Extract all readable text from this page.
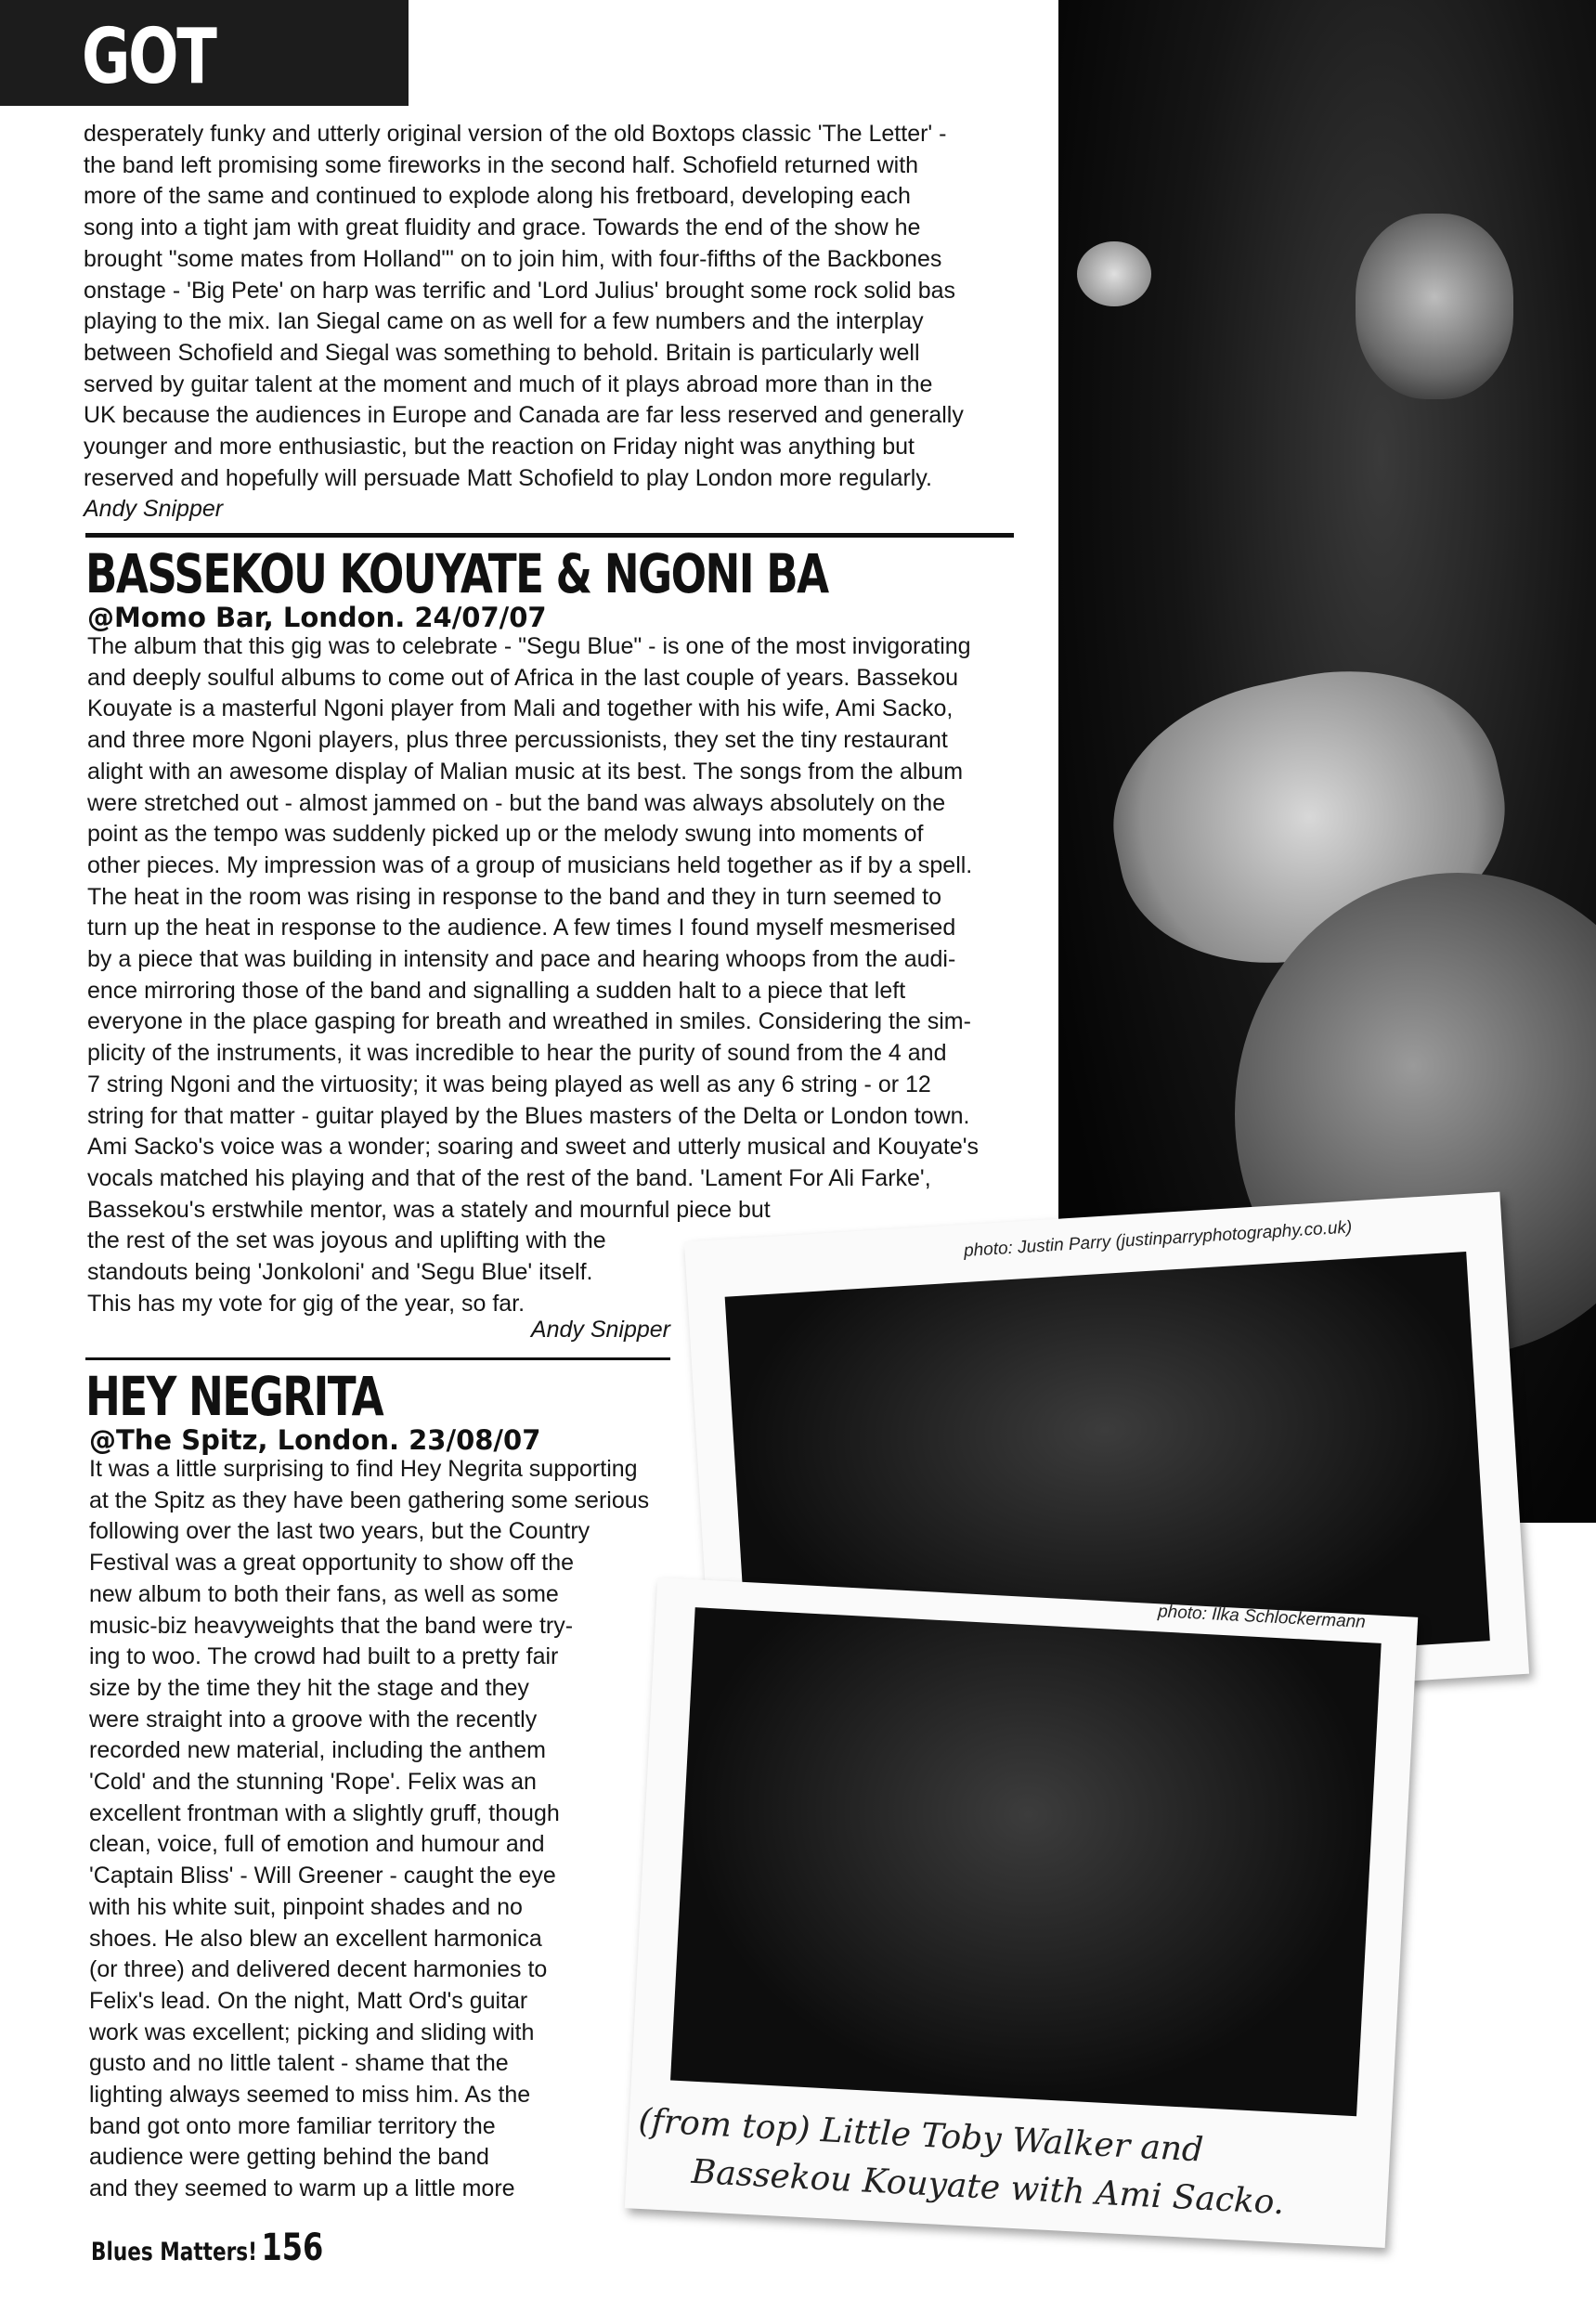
GOT LIVE

desperately funky and utterly original version of the old Boxtops classic 'The Letter' -

the band left promising some fireworks in the second half. Schofield returned with

more of the same and continued to explode along his fretboard, developing each

song into a tight jam with great fluidity and grace. Towards the end of the show he

brought "some mates from Holland"' on to join him, with four-fifths of the Backbones

onstage - 'Big Pete' on harp was terrific and 'Lord Julius' brought some rock solid bas

playing to the mix. Ian Siegal came on as well for a few numbers and the interplay

between Schofield and Siegal was something to behold. Britain is particularly well

served by guitar talent at the moment and much of it plays abroad more than in the

UK because the audiences in Europe and Canada are far less reserved and generally

younger and more enthusiastic, but the reaction on Friday night was anything but

reserved and hopefully will persuade Matt Schofield to play London more regularly.

Andy Snipper

BASSEKOU KOUYATE & NGONI BA
@Momo Bar, London. 24/07/07

The album that this gig was to celebrate - "Segu Blue" - is one of the most invigorating

and deeply soulful albums to come out of Africa in the last couple of years. Bassekou

Kouyate is a masterful Ngoni player from Mali and together with his wife, Ami Sacko,

and three more Ngoni players, plus three percussionists, they set the tiny restaurant

alight with an awesome display of Malian music at its best. The songs from the album

were stretched out - almost jammed on - but the band was always absolutely on the

point as the tempo was suddenly picked up or the melody swung into moments of

other pieces. My impression was of a group of musicians held together as if by a spell.

The heat in the room was rising in response to the band and they in turn seemed to

turn up the heat in response to the audience. A few times I found myself mesmerised

by a piece that was building in intensity and pace and hearing whoops from the audi-

ence mirroring those of the band and signalling a sudden halt to a piece that left

everyone in the place gasping for breath and wreathed in smiles. Considering the sim-

plicity of the instruments, it was incredible to hear the purity of sound from the 4 and

7 string Ngoni and the virtuosity; it was being played as well as any 6 string - or 12

string for that matter - guitar played by the Blues masters of the Delta or London town.

Ami Sacko's voice was a wonder; soaring and sweet and utterly musical and Kouyate's

vocals matched his playing and that of the rest of the band. 'Lament For Ali Farke',

Bassekou's erstwhile mentor, was a stately and mournful piece but

the rest of the set was joyous and uplifting with the

standouts being 'Jonkoloni' and 'Segu Blue' itself.

This has my vote for gig of the year, so far.

Andy Snipper
HEY NEGRITA
@The Spitz, London. 23/08/07

It was a little surprising to find Hey Negrita supporting

at the Spitz as they have been gathering some serious

following over the last two years, but the Country

Festival was a great opportunity to show off the

new album to both their fans, as well as some

music-biz heavyweights that the band were try-

ing to woo. The crowd had built to a pretty fair

size by the time they hit the stage and they

were straight into a groove with the recently

recorded new material, including the anthem

'Cold' and the stunning 'Rope'. Felix was an

excellent frontman with a slightly gruff, though

clean, voice, full of emotion and humour and

'Captain Bliss' - Will Greener - caught the eye

with his white suit, pinpoint shades and no

shoes. He also blew an excellent harmonica

(or three) and delivered decent harmonies to

Felix's lead. On the night, Matt Ord's guitar

work was excellent; picking and sliding with

gusto and no little talent - shame that the

lighting always seemed to miss him. As the

band got onto more familiar territory the

audience were getting behind the band

and they seemed to warm up a little more

photo: Justin Parry (justinparryphotography.co.uk)
photo: Ilka Schlockermann
(from top) Little Toby Walker and
Bassekou Kouyate with Ami Sacko.
Blues Matters! 156
